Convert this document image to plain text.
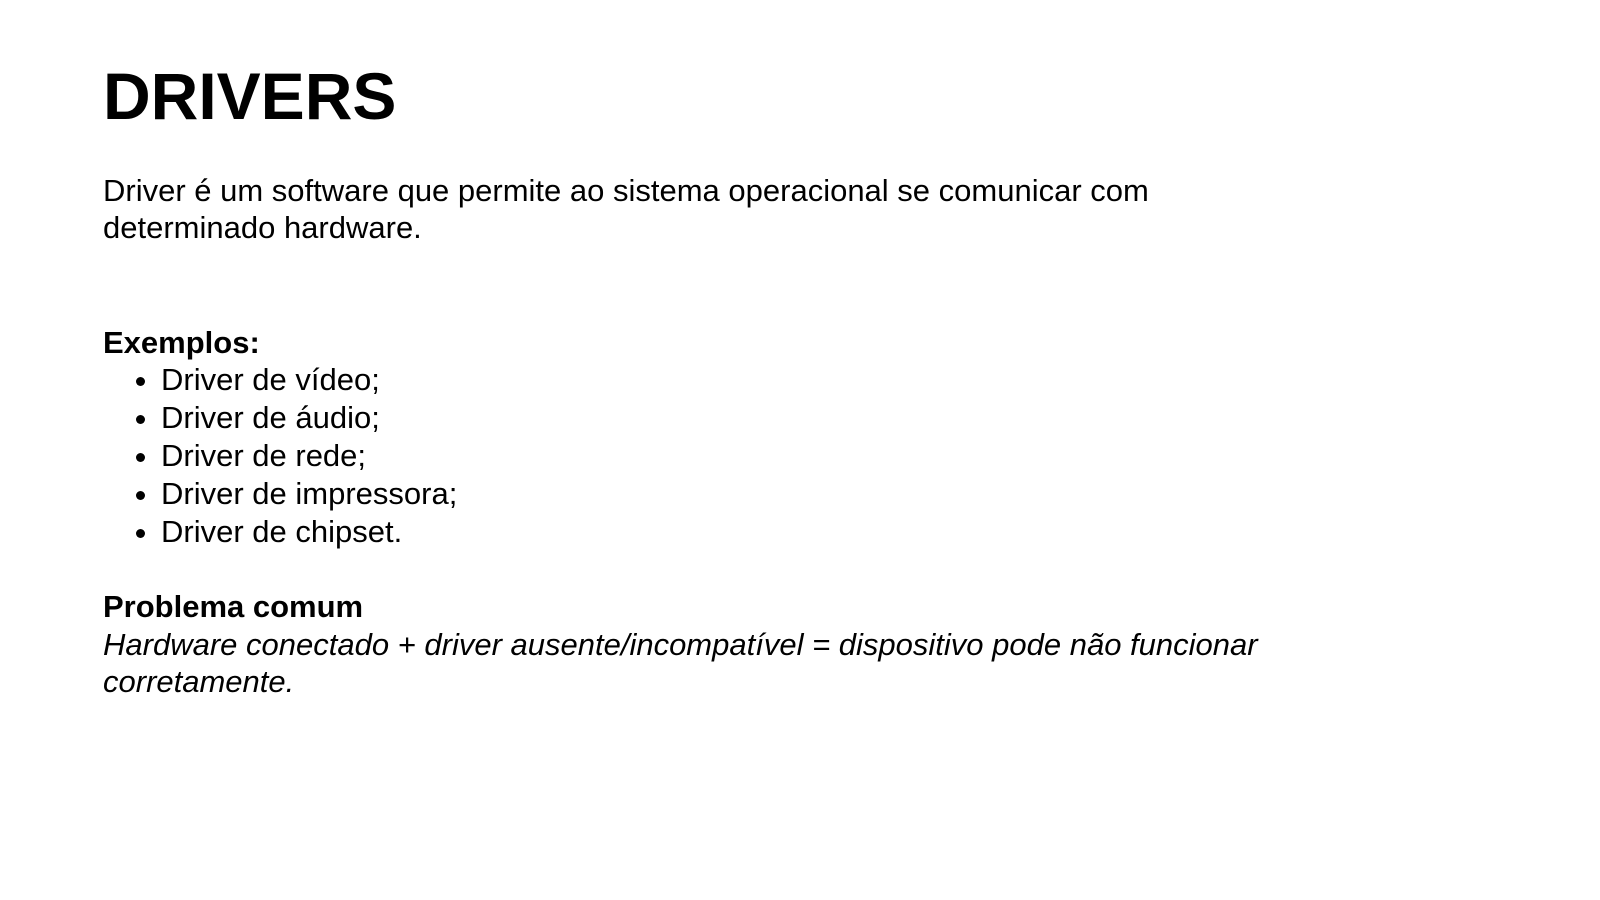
DRIVERS

Driver é um software que permite ao sistema operacional se comunicar com determinado hardware.

Exemplos:
• Driver de vídeo;
• Driver de áudio;
• Driver de rede;
• Driver de impressora;
• Driver de chipset.
Problema comum

Hardware conectado + driver ausente/incompatível = dispositivo pode não funcionar corretamente.
